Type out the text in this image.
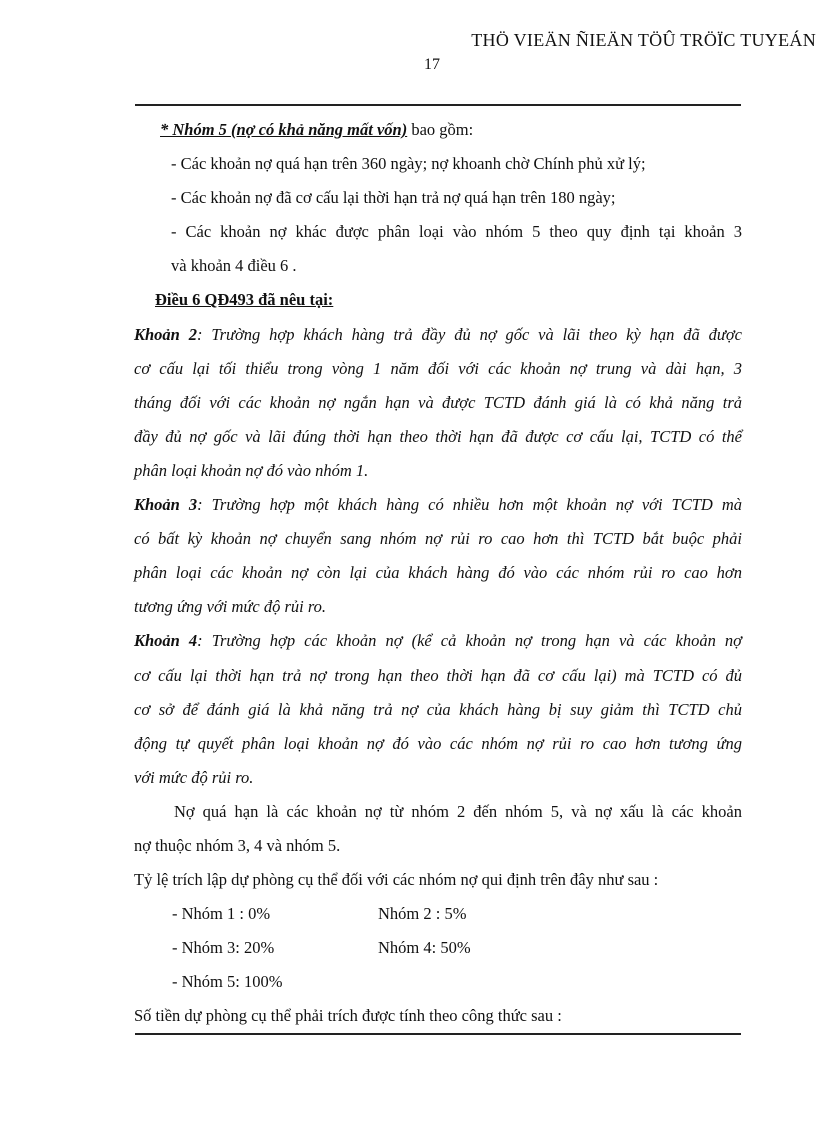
THÖ VIEÄN ÑIEÄN TÖÛ TRÖÏC TUYEÁN
17

* Nhóm 5 (nợ có khả năng mất vốn) bao gồm:

- Các khoản nợ quá hạn trên 360 ngày; nợ khoanh chờ Chính phủ xử lý;

- Các khoản nợ đã cơ cấu lại thời hạn trả nợ quá hạn trên 180 ngày;

- Các khoản nợ khác được phân loại vào nhóm 5 theo quy định tại khoản 3

và khoản 4 điều 6 .

Điều 6 QĐ493 đã nêu tại:

Khoản 2: Trường hợp khách hàng trả đầy đủ nợ gốc và lãi theo kỳ hạn đã được

cơ cấu lại tối thiểu trong vòng 1 năm đối với các khoản nợ trung và dài hạn, 3

tháng đối với các khoản nợ ngắn hạn và được TCTD đánh giá là có khả năng trả

đầy đủ nợ gốc và lãi đúng thời hạn theo thời hạn đã được cơ cấu lại, TCTD có thể

phân loại khoản nợ đó vào nhóm 1.

Khoản 3: Trường hợp một khách hàng có nhiều hơn một khoản nợ với TCTD mà

có bất kỳ khoản nợ chuyển sang nhóm nợ rủi ro cao hơn thì TCTD bắt buộc phải

phân loại các khoản nợ còn lại của khách hàng đó vào các nhóm rủi ro cao hơn

tương ứng với mức độ rủi ro.

Khoản 4: Trường hợp các khoản nợ (kể cả khoản nợ trong hạn và các khoản nợ

cơ cấu lại thời hạn trả nợ trong hạn theo thời hạn đã cơ cấu lại) mà TCTD có đủ

cơ sở để đánh giá là khả năng trả nợ của khách hàng bị suy giảm thì TCTD chủ

động tự quyết phân loại khoản nợ đó vào các nhóm nợ rủi ro cao hơn tương ứng

với mức độ rủi ro.

Nợ quá hạn là các khoản nợ từ nhóm 2 đến nhóm 5, và nợ xấu là các khoản

nợ thuộc nhóm 3, 4 và nhóm 5.

Tỷ lệ trích lập dự phòng cụ thể đối với các nhóm nợ qui định trên đây như sau :

- Nhóm 1 : 0%	Nhóm 2 : 5%
- Nhóm 3: 20%	Nhóm 4: 50%
- Nhóm 5: 100%

Số tiền dự phòng cụ thể phải trích được tính theo công thức sau :
